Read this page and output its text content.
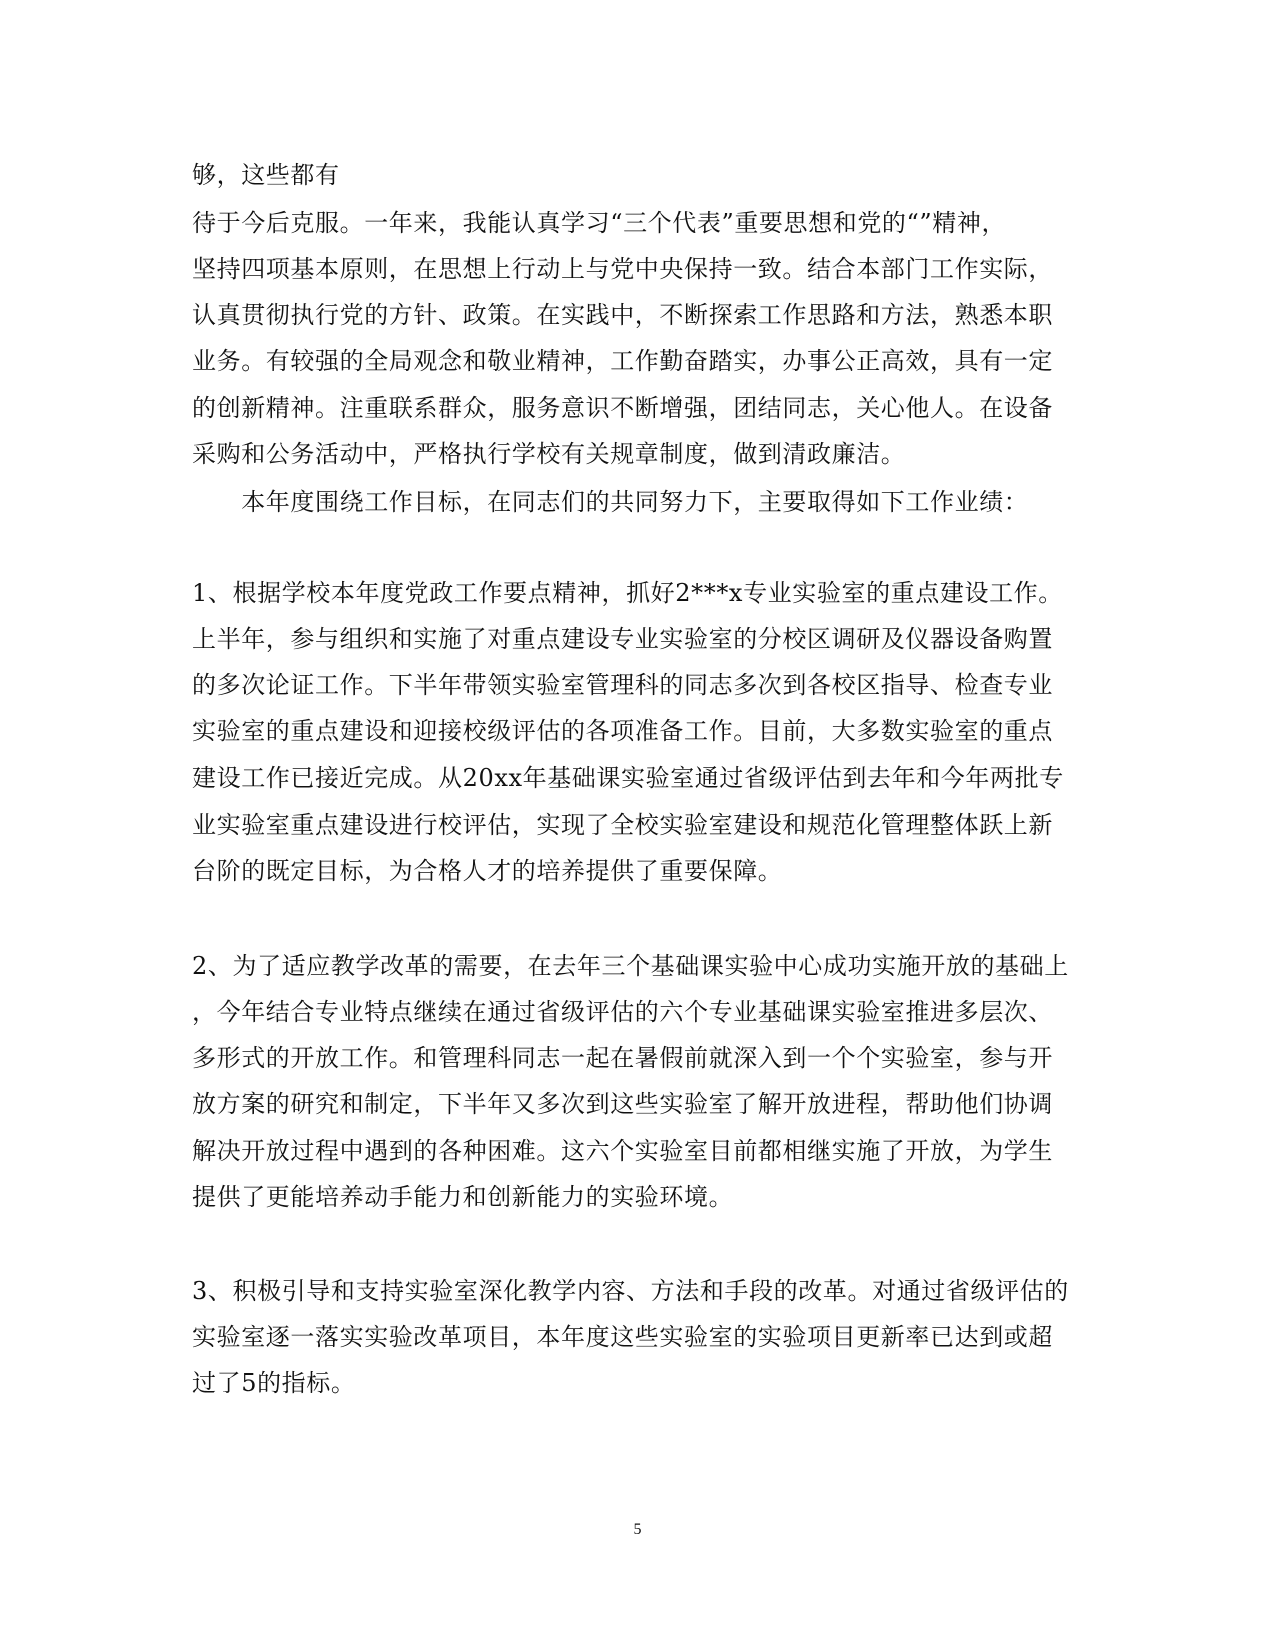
够，这些都有
待于今后克服。一年来，我能认真学习“三个代表”重要思想和党的“”精神，
坚持四项基本原则，在思想上行动上与党中央保持一致。结合本部门工作实际，
认真贯彻执行党的方针、政策。在实践中，不断探索工作思路和方法，熟悉本职
业务。有较强的全局观念和敬业精神，工作勤奋踏实，办事公正高效，具有一定
的创新精神。注重联系群众，服务意识不断增强，团结同志，关心他人。在设备
采购和公务活动中，严格执行学校有关规章制度，做到清政廉洁。
　　本年度围绕工作目标，在同志们的共同努力下，主要取得如下工作业绩：
1、根据学校本年度党政工作要点精神，抓好2***x专业实验室的重点建设工作。
上半年，参与组织和实施了对重点建设专业实验室的分校区调研及仪器设备购置
的多次论证工作。下半年带领实验室管理科的同志多次到各校区指导、检查专业
实验室的重点建设和迎接校级评估的各项准备工作。目前，大多数实验室的重点
建设工作已接近完成。从20xx年基础课实验室通过省级评估到去年和今年两批专
业实验室重点建设进行校评估，实现了全校实验室建设和规范化管理整体跃上新
台阶的既定目标，为合格人才的培养提供了重要保障。
2、为了适应教学改革的需要，在去年三个基础课实验中心成功实施开放的基础上
，今年结合专业特点继续在通过省级评估的六个专业基础课实验室推进多层次、
多形式的开放工作。和管理科同志一起在暑假前就深入到一个个实验室，参与开
放方案的研究和制定，下半年又多次到这些实验室了解开放进程，帮助他们协调
解决开放过程中遇到的各种困难。这六个实验室目前都相继实施了开放，为学生
提供了更能培养动手能力和创新能力的实验环境。
3、积极引导和支持实验室深化教学内容、方法和手段的改革。对通过省级评估的
实验室逐一落实实验改革项目，本年度这些实验室的实验项目更新率已达到或超
过了5的指标。
5
